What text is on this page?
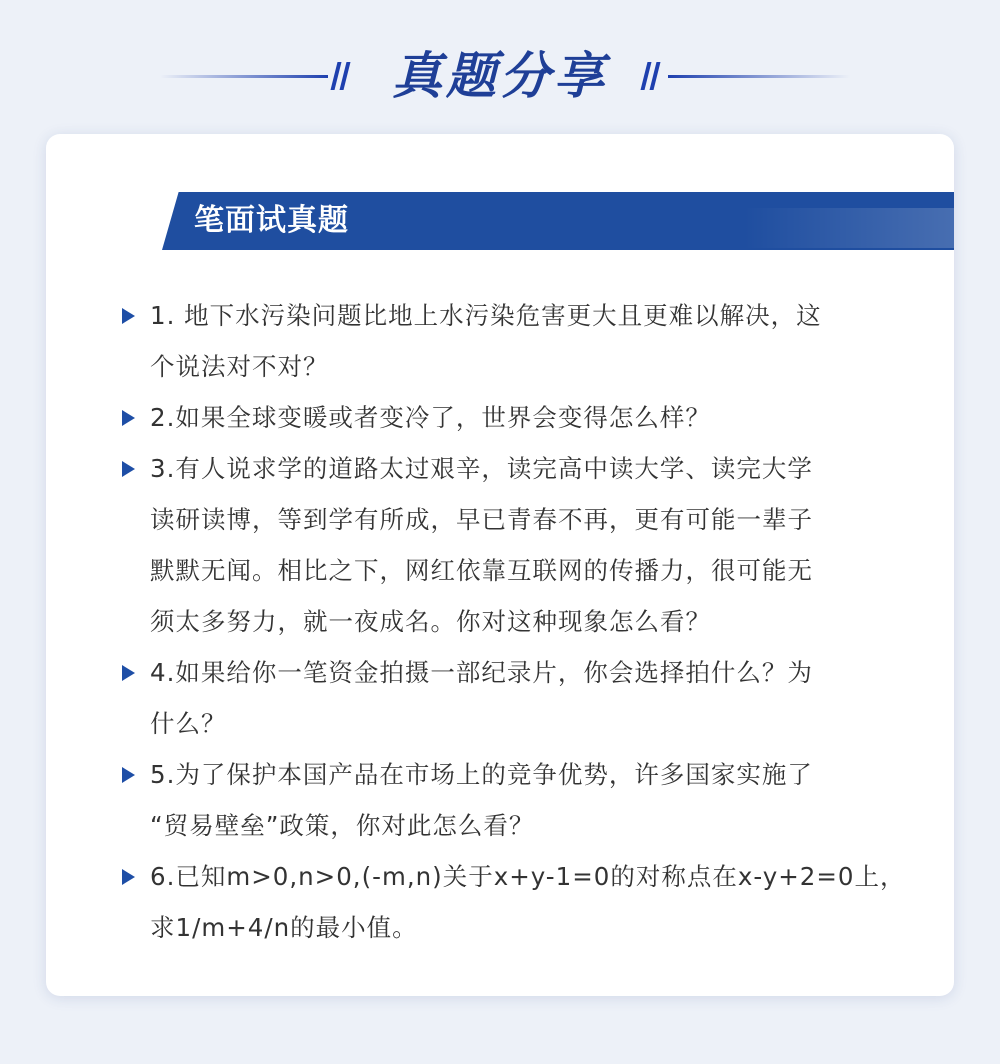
真题分享
笔面试真题
1. 地下水污染问题比地上水污染危害更大且更难以解决，这
个说法对不对？
2.如果全球变暖或者变冷了，世界会变得怎么样？
3.有人说求学的道路太过艰辛，读完高中读大学、读完大学
读研读博，等到学有所成，早已青春不再，更有可能一辈子
默默无闻。相比之下，网红依靠互联网的传播力，很可能无
须太多努力，就一夜成名。你对这种现象怎么看？
4.如果给你一笔资金拍摄一部纪录片，你会选择拍什么？为
什么？
5.为了保护本国产品在市场上的竞争优势，许多国家实施了
“贸易壁垒”政策，你对此怎么看？
6.已知m>0,n>0,(-m,n)关于x+y-1=0的对称点在x-y+2=0上，
求1/m+4/n的最小值。
